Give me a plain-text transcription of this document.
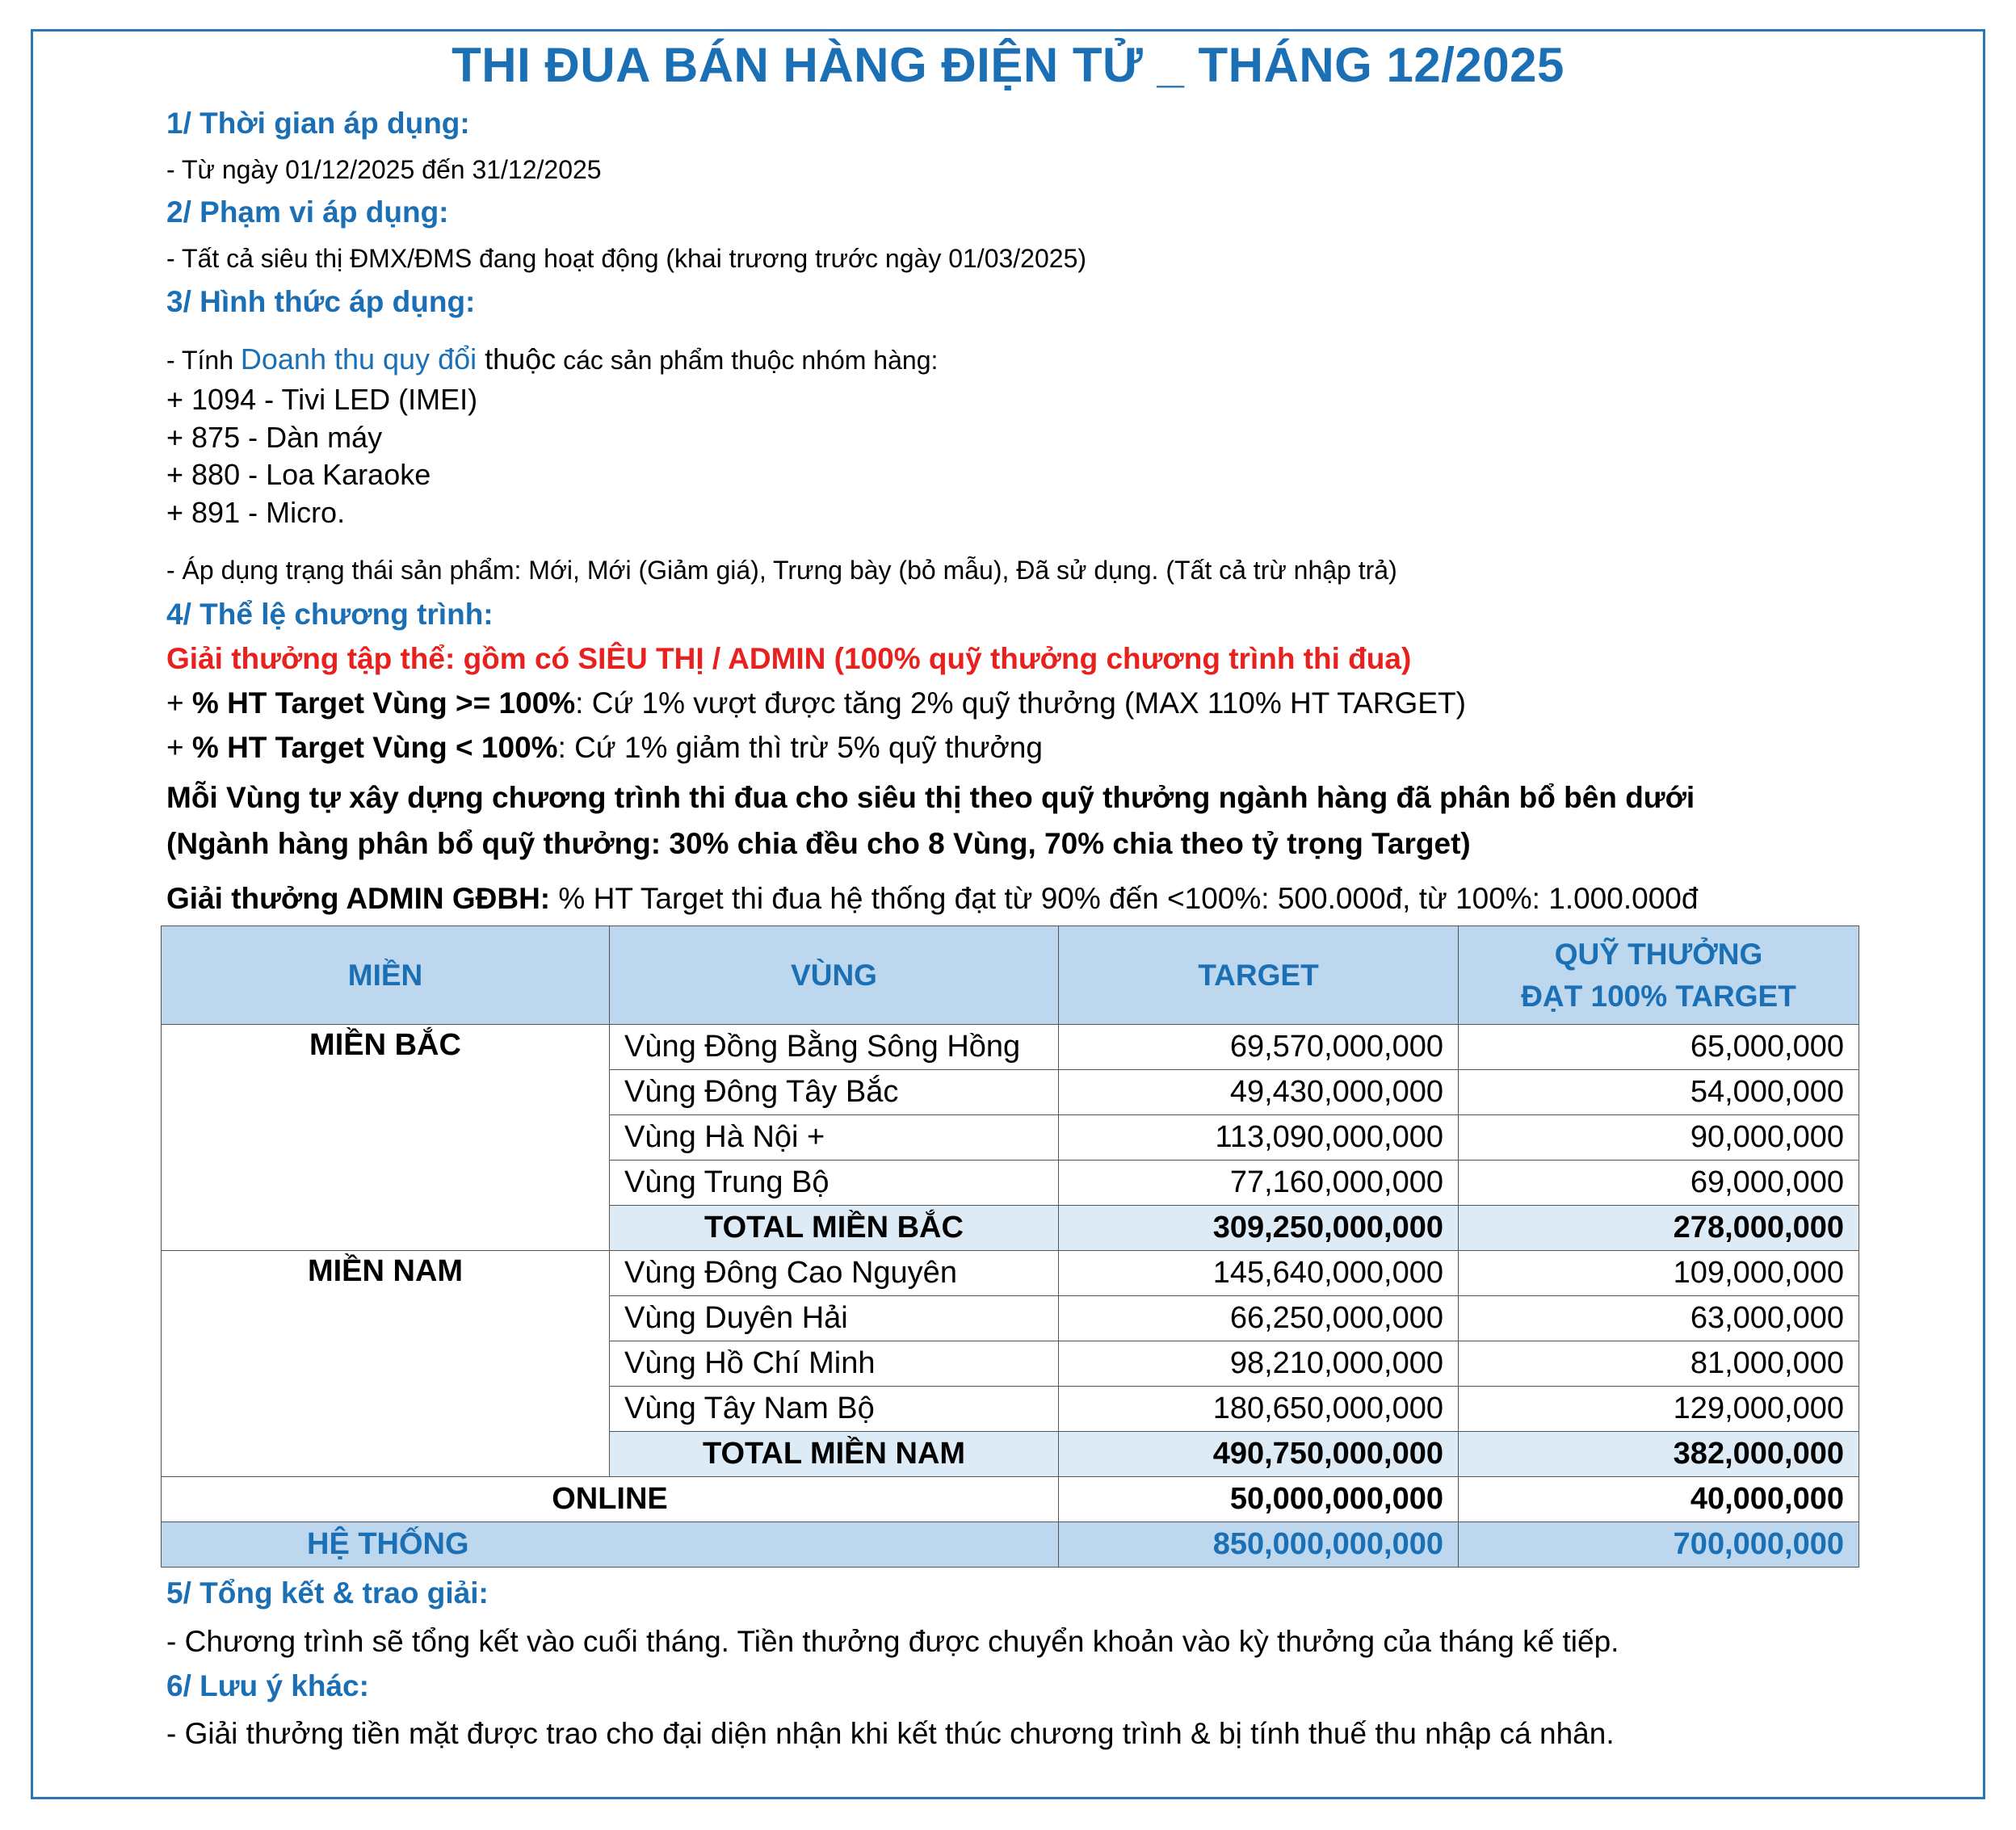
THI ĐUA BÁN HÀNG ĐIỆN TỬ _ THÁNG 12/2025
1/ Thời gian áp dụng:
- Từ ngày 01/12/2025 đến 31/12/2025
2/ Phạm vi áp dụng:
- Tất cả siêu thị ĐMX/ĐMS đang hoạt động (khai trương trước ngày 01/03/2025)
3/ Hình thức áp dụng:
- Tính Doanh thu quy đổi thuộc các sản phẩm thuộc nhóm hàng:
+ 1094 - Tivi LED (IMEI)
+ 875 - Dàn máy
+ 880 - Loa Karaoke
+ 891 - Micro.
- Áp dụng trạng thái sản phẩm: Mới, Mới (Giảm giá), Trưng bày (bỏ mẫu), Đã sử dụng. (Tất cả trừ nhập trả)
4/ Thể lệ chương trình:
Giải thưởng tập thể: gồm có SIÊU THỊ / ADMIN (100% quỹ thưởng chương trình thi đua)
+ % HT Target Vùng >= 100%: Cứ 1% vượt được tăng 2% quỹ thưởng (MAX 110% HT TARGET)
+ % HT Target Vùng < 100%: Cứ 1% giảm thì trừ 5% quỹ thưởng
Mỗi Vùng tự xây dựng chương trình thi đua cho siêu thị theo quỹ thưởng ngành hàng đã phân bổ bên dưới
(Ngành hàng phân bổ quỹ thưởng: 30% chia đều cho 8 Vùng, 70% chia theo tỷ trọng Target)
Giải thưởng ADMIN GĐBH: % HT Target thi đua hệ thống đạt từ 90% đến <100%: 500.000đ, từ 100%: 1.000.000đ
MIỀN	VÙNG	TARGET	QUỸ THƯỞNG
ĐẠT 100% TARGET
MIỀN BẮC	Vùng Đồng Bằng Sông Hồng	69,570,000,000	65,000,000
	Vùng Đông Tây Bắc	49,430,000,000	54,000,000
	Vùng Hà Nội +	113,090,000,000	90,000,000
	Vùng Trung Bộ	77,160,000,000	69,000,000
	TOTAL MIỀN BẮC	309,250,000,000	278,000,000
MIỀN NAM	Vùng Đông Cao Nguyên	145,640,000,000	109,000,000
	Vùng Duyên Hải	66,250,000,000	63,000,000
	Vùng Hồ Chí Minh	98,210,000,000	81,000,000
	Vùng Tây Nam Bộ	180,650,000,000	129,000,000
	TOTAL MIỀN NAM	490,750,000,000	382,000,000
ONLINE		50,000,000,000	40,000,000
HỆ THỐNG		850,000,000,000	700,000,000
5/ Tổng kết & trao giải:
- Chương trình sẽ tổng kết vào cuối tháng. Tiền thưởng được chuyển khoản vào kỳ thưởng của tháng kế tiếp.
6/ Lưu ý khác:
- Giải thưởng tiền mặt được trao cho đại diện nhận khi kết thúc chương trình & bị tính thuế thu nhập cá nhân.
